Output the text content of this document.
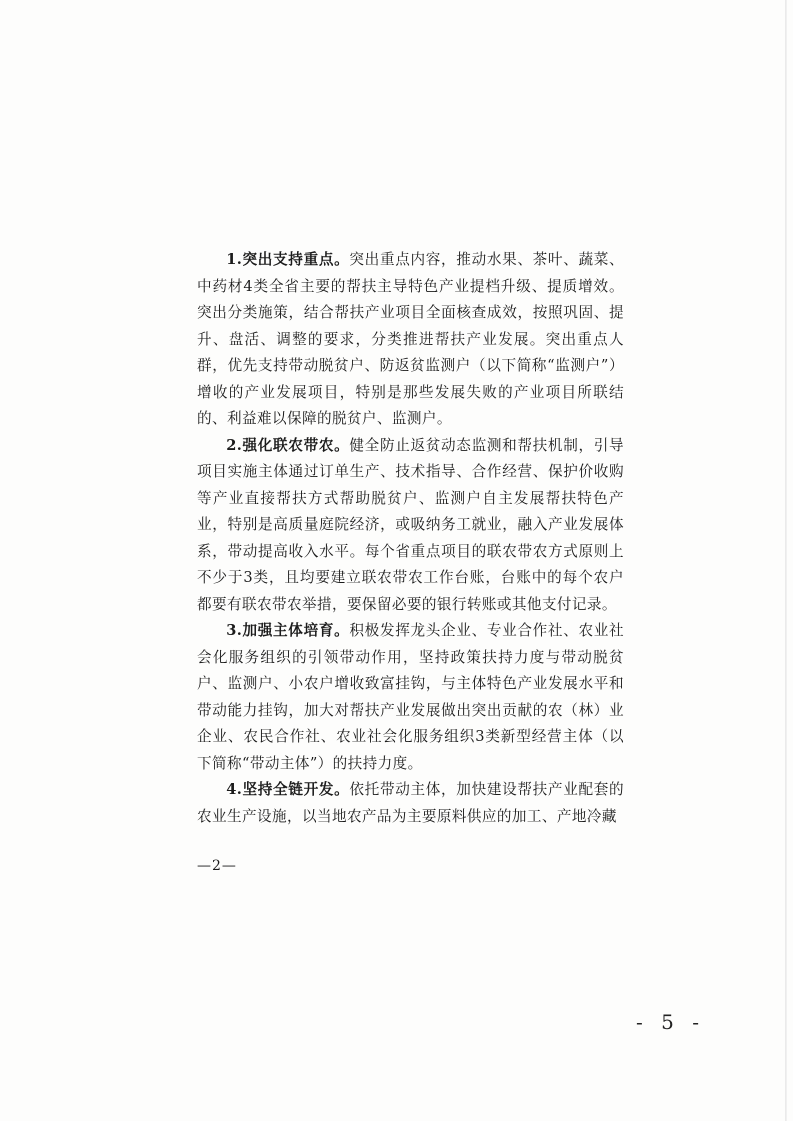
1.突出支持重点。突出重点内容，推动水果、茶叶、蔬菜、中药材4类全省主要的帮扶主导特色产业提档升级、提质增效。突出分类施策，结合帮扶产业项目全面核查成效，按照巩固、提升、盘活、调整的要求，分类推进帮扶产业发展。突出重点人群，优先支持带动脱贫户、防返贫监测户（以下简称“监测户”）增收的产业发展项目，特别是那些发展失败的产业项目所联结的、利益难以保障的脱贫户、监测户。

2.强化联农带农。健全防止返贫动态监测和帮扶机制，引导项目实施主体通过订单生产、技术指导、合作经营、保护价收购等产业直接帮扶方式帮助脱贫户、监测户自主发展帮扶特色产业，特别是高质量庭院经济，或吸纳务工就业，融入产业发展体系，带动提高收入水平。每个省重点项目的联农带农方式原则上不少于3类，且均要建立联农带农工作台账，台账中的每个农户都要有联农带农举措，要保留必要的银行转账或其他支付记录。

3.加强主体培育。积极发挥龙头企业、专业合作社、农业社会化服务组织的引领带动作用，坚持政策扶持力度与带动脱贫户、监测户、小农户增收致富挂钩，与主体特色产业发展水平和带动能力挂钩，加大对帮扶产业发展做出突出贡献的农（林）业企业、农民合作社、农业社会化服务组织3类新型经营主体（以下简称“带动主体”）的扶持力度。

4.坚持全链开发。依托带动主体，加快建设帮扶产业配套的农业生产设施，以当地农产品为主要原料供应的加工、产地冷藏

—2—
- 5 -
